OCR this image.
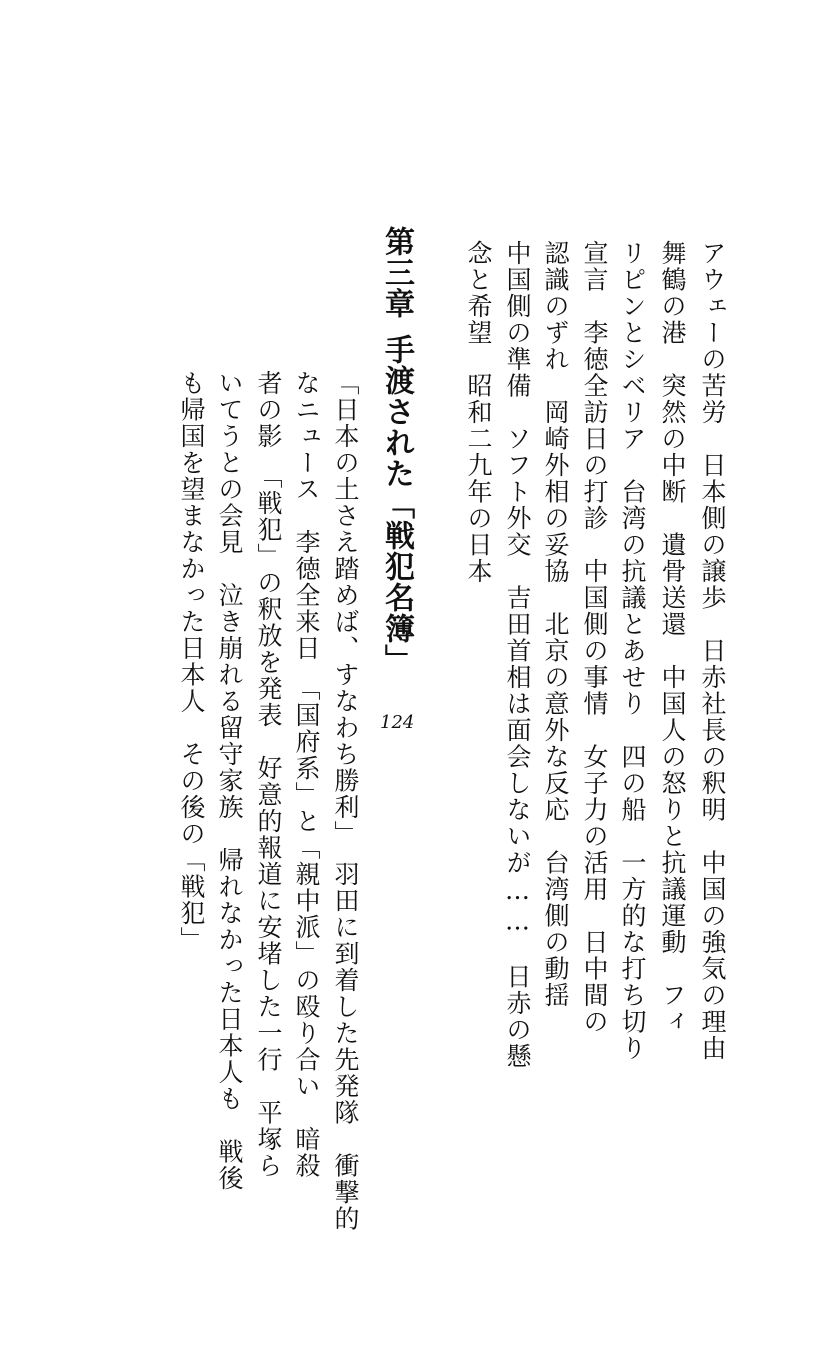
アウェーの苦労　日本側の譲歩　日赤社長の釈明　中国の強気の理由
舞鶴の港　突然の中断　遺骨送還　中国人の怒りと抗議運動　フィ
リピンとシベリア　台湾の抗議とあせり　四の船　一方的な打ち切り
宣言　李徳全訪日の打診　中国側の事情　女子力の活用　日中間の
認識のずれ　岡崎外相の妥協　北京の意外な反応　台湾側の動揺
中国側の準備　ソフト外交　吉田首相は面会しないが……　日赤の懸
念と希望　昭和二九年の日本
第三章
手渡された「戦犯名簿」
124
「日本の土さえ踏めば、すなわち勝利」　羽田に到着した先発隊　衝撃的
なニュース　李徳全来日　「国府系」と「親中派」の殴り合い　暗殺
者の影　「戦犯」の釈放を発表　好意的報道に安堵した一行　平塚ら
いてうとの会見　泣き崩れる留守家族　帰れなかった日本人も　戦後
も帰国を望まなかった日本人　その後の「戦犯」
